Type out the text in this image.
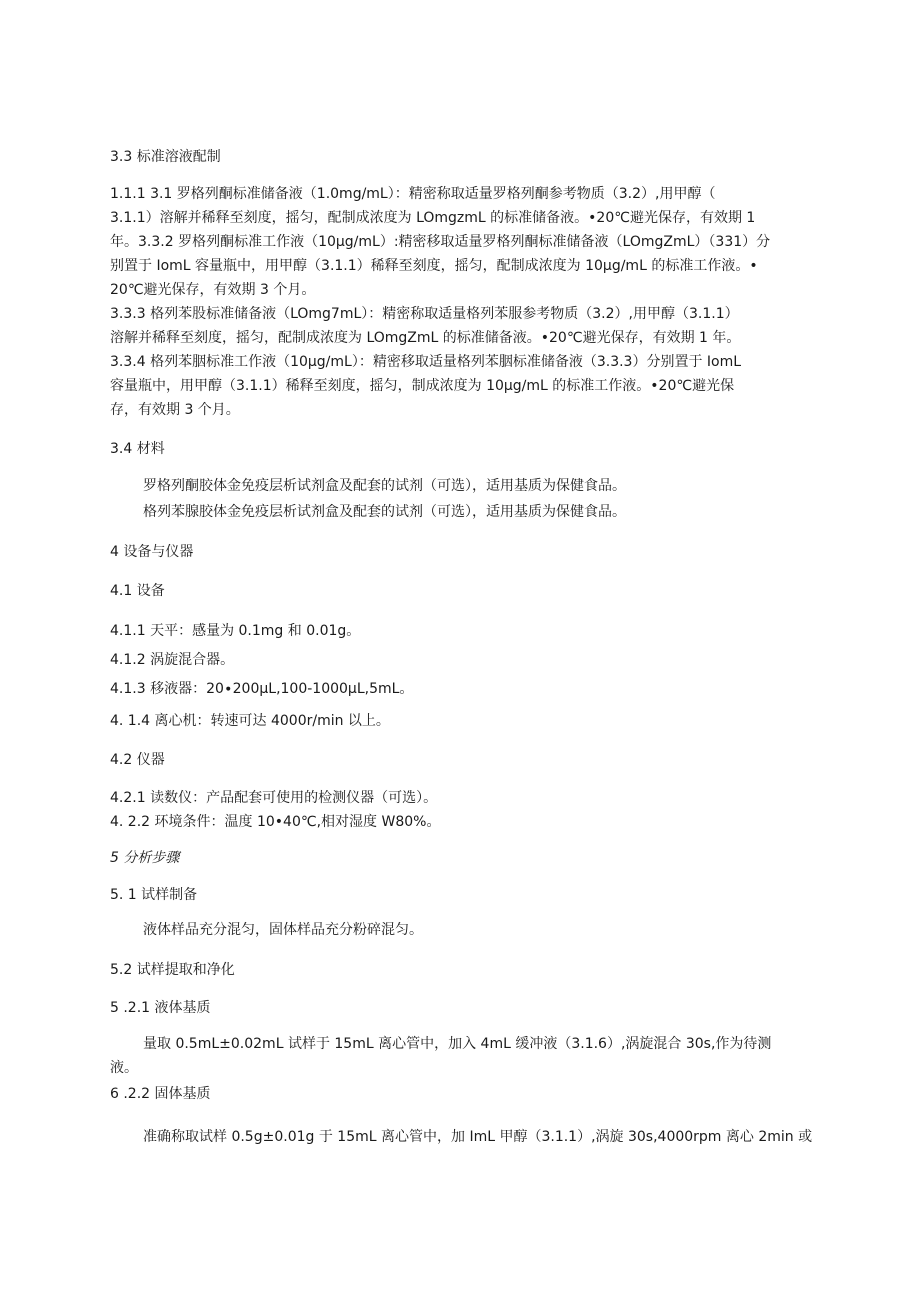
3.3 标准溶液配制
1.1.1 3.1 罗格列酮标准储备液（1.0mg/mL）：精密称取适量罗格列酮参考物质（3.2）,用甲醇（
3.1.1）溶解并稀释至刻度，摇匀，配制成浓度为 LOmgzmL 的标准储备液。•20℃避光保存，有效期 1
年。3.3.2 罗格列酮标准工作液（10μg∕mL）:精密移取适量罗格列酮标准储备液（LOmgZmL）（331）分
别置于 IomL 容量瓶中，用甲醇（3.1.1）稀释至刻度，摇匀，配制成浓度为 10μg∕mL 的标准工作液。•
20℃避光保存，有效期 3 个月。
3.3.3 格列苯股标准储备液（LOmg7mL）：精密称取适量格列苯服参考物质（3.2）,用甲醇（3.1.1）
溶解并稀释至刻度，摇匀，配制成浓度为 LOmgZmL 的标准储备液。•20℃避光保存，有效期 1 年。
3.3.4 格列苯胭标准工作液（10μg∕mL）：精密移取适量格列苯胭标准储备液（3.3.3）分别置于 IomL
容量瓶中，用甲醇（3.1.1）稀释至刻度，摇匀，制成浓度为 10μg∕mL 的标准工作液。•20℃避光保
存，有效期 3 个月。
3.4 材料
罗格列酮胶体金免疫层析试剂盒及配套的试剂（可选），适用基质为保健食品。
格列苯腺胶体金免疫层析试剂盒及配套的试剂（可选），适用基质为保健食品。
4 设备与仪器
4.1 设备
4.1.1 天平：感量为 0.1mg 和 0.01g。
4.1.2 涡旋混合器。
4.1.3 移液器：20∙200μL,100-1000μL,5mL。
4. 1.4 离心机：转速可达 4000r/min 以上。
4.2 仪器
4.2.1 读数仪：产品配套可使用的检测仪器（可选）。
4. 2.2 环境条件：温度 10•40℃,相对湿度 W80%。
5 分析步骤
5. 1 试样制备
液体样品充分混匀，固体样品充分粉碎混匀。
5.2 试样提取和净化
5 .2.1 液体基质
量取 0.5mL±0.02mL 试样于 15mL 离心管中，加入 4mL 缓冲液（3.1.6）,涡旋混合 30s,作为待测
液。
6 .2.2 固体基质
准确称取试样 0.5g±0.01g 于 15mL 离心管中，加 ImL 甲醇（3.1.1）,涡旋 30s,4000rpm 离心 2min 或
